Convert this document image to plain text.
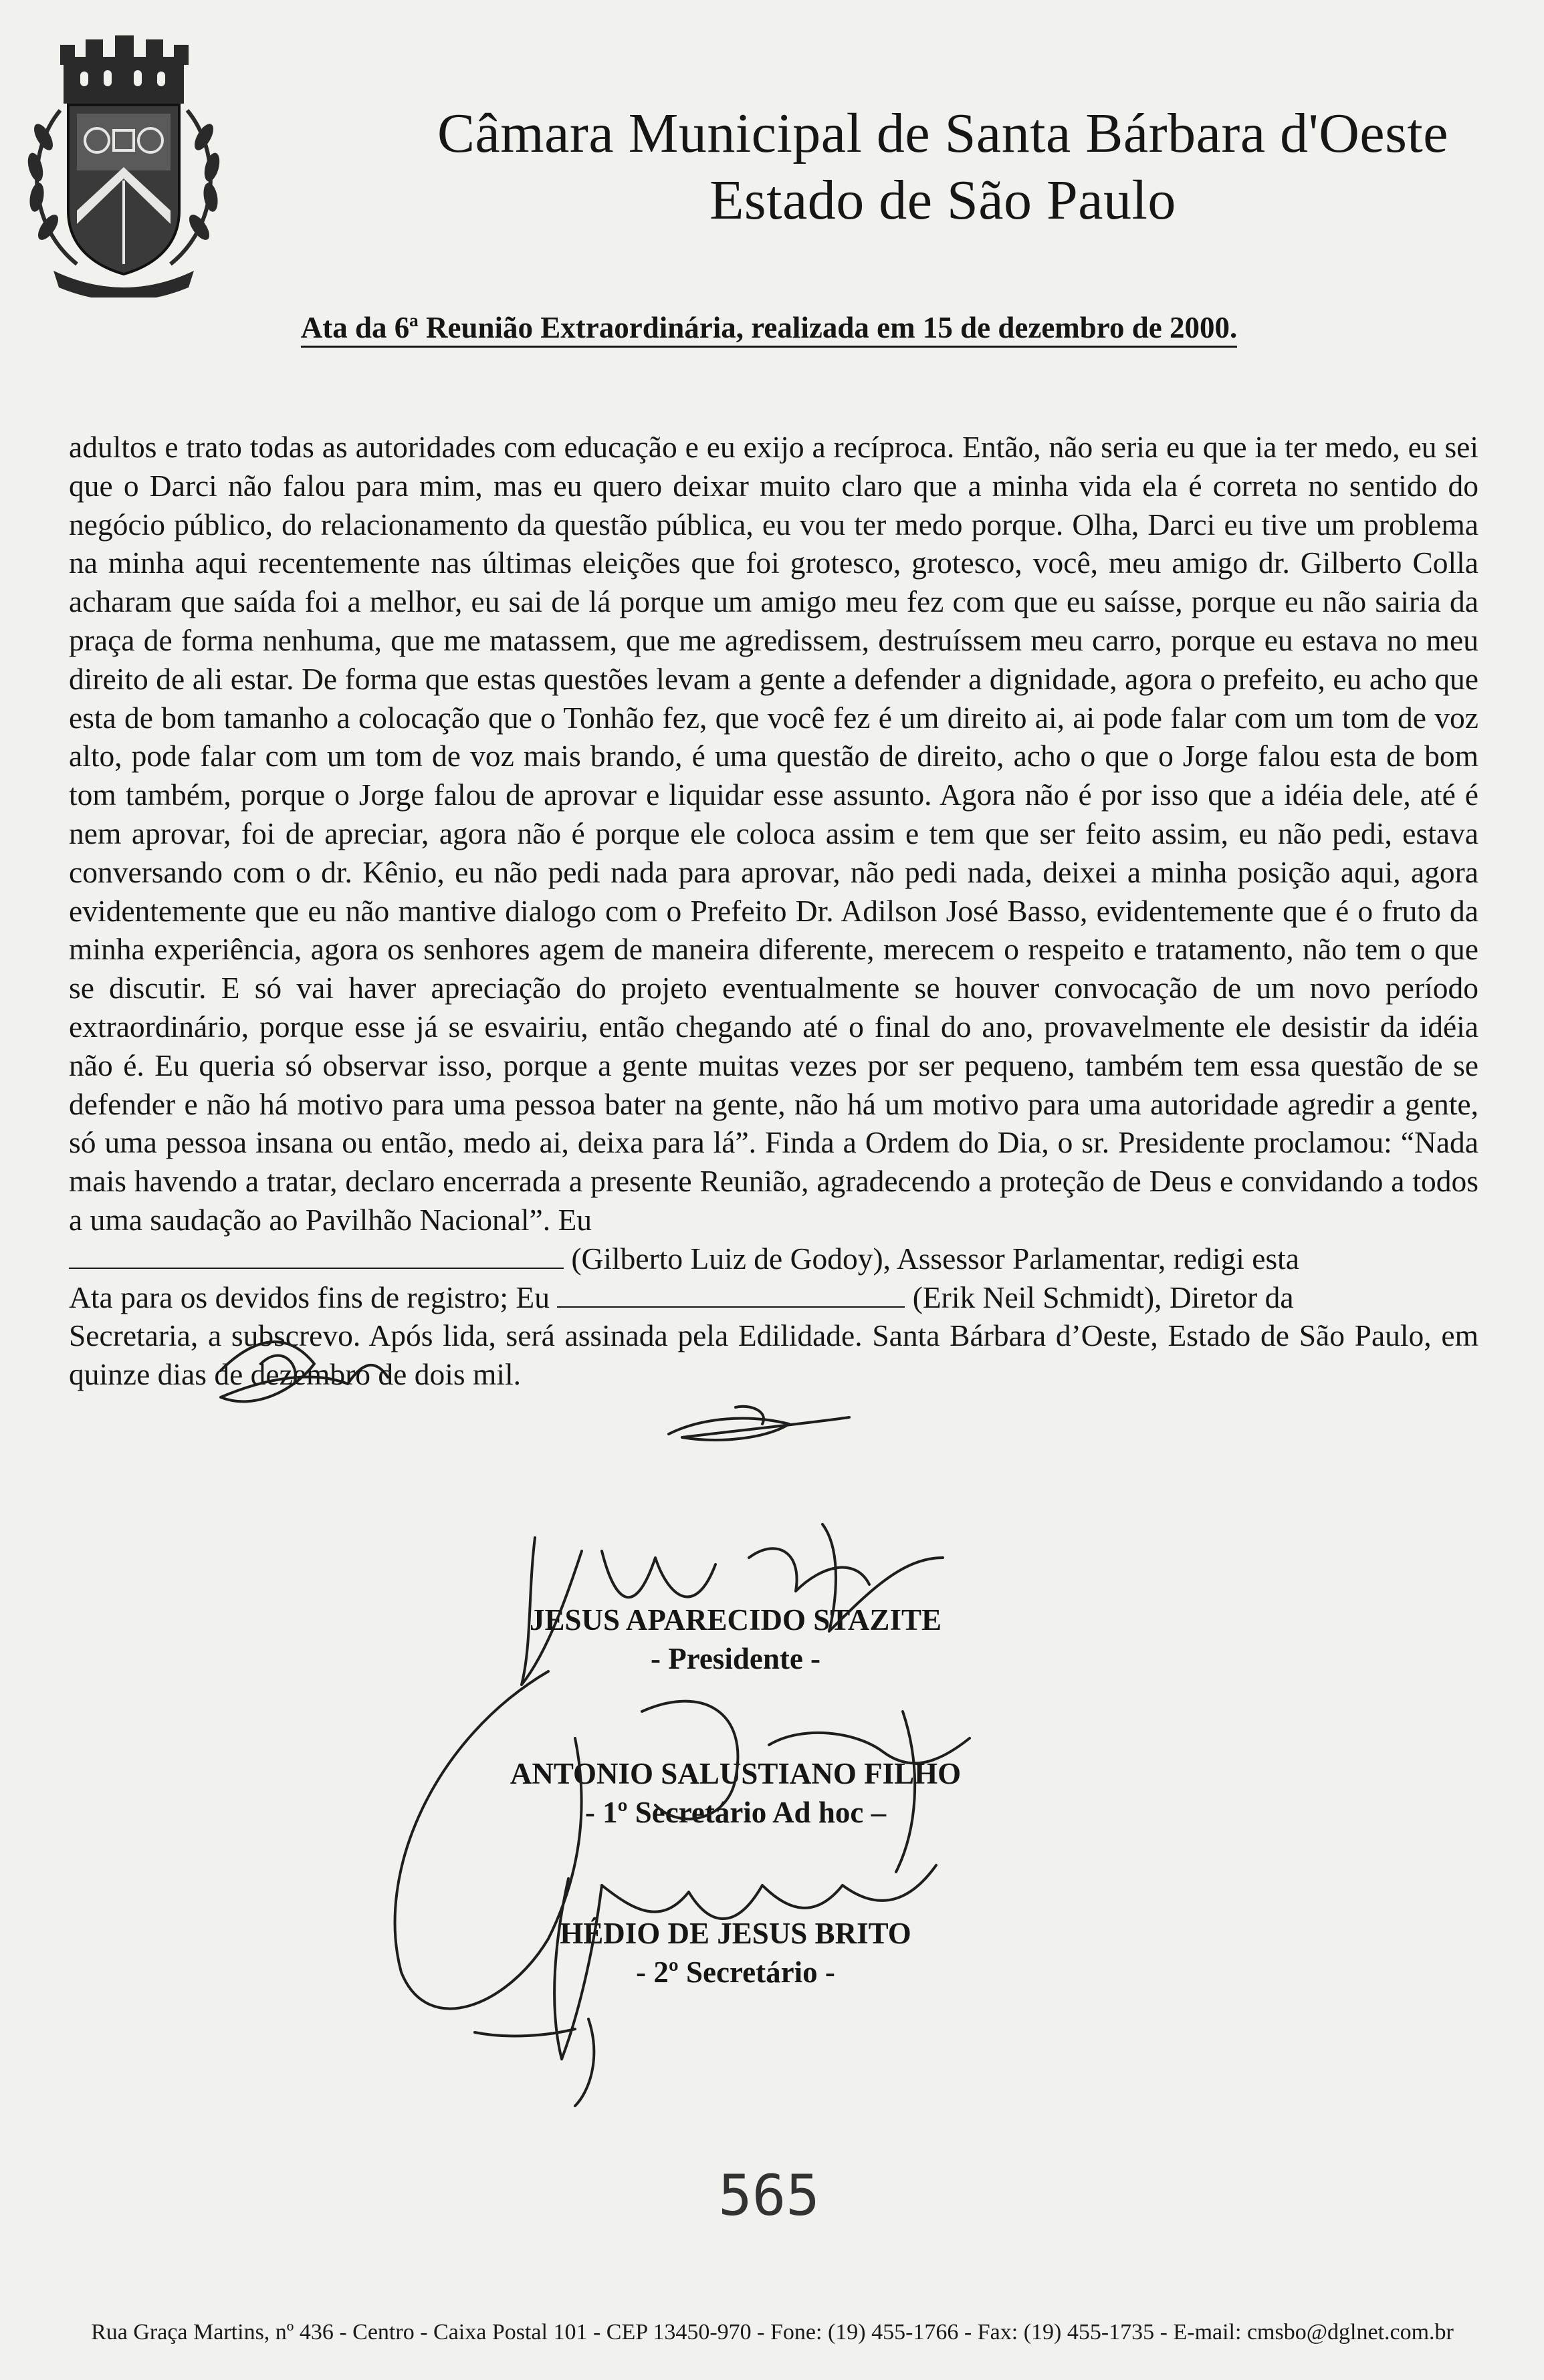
Câmara Municipal de Santa Bárbara d'Oeste
Estado de São Paulo
Ata da 6ª Reunião Extraordinária, realizada em 15 de dezembro de 2000.

adultos e trato todas as autoridades com educação e eu exijo a recíproca. Então, não seria eu que ia ter medo, eu sei que o Darci não falou para mim, mas eu quero deixar muito claro que a minha vida ela é correta no sentido do negócio público, do relacionamento da questão pública, eu vou ter medo porque. Olha, Darci eu tive um problema na minha aqui recentemente nas últimas eleições que foi grotesco, grotesco, você, meu amigo dr. Gilberto Colla acharam que saída foi a melhor, eu sai de lá porque um amigo meu fez com que eu saísse, porque eu não sairia da praça de forma nenhuma, que me matassem, que me agredissem, destruíssem meu carro, porque eu estava no meu direito de ali estar. De forma que estas questões levam a gente a defender a dignidade, agora o prefeito, eu acho que esta de bom tamanho a colocação que o Tonhão fez, que você fez é um direito ai, ai pode falar com um tom de voz alto, pode falar com um tom de voz mais brando, é uma questão de direito, acho o que o Jorge falou esta de bom tom também, porque o Jorge falou de aprovar e liquidar esse assunto. Agora não é por isso que a idéia dele, até é nem aprovar, foi de apreciar, agora não é porque ele coloca assim e tem que ser feito assim, eu não pedi, estava conversando com o dr. Kênio, eu não pedi nada para aprovar, não pedi nada, deixei a minha posição aqui, agora evidentemente que eu não mantive dialogo com o Prefeito Dr. Adilson José Basso, evidentemente que é o fruto da minha experiência, agora os senhores agem de maneira diferente, merecem o respeito e tratamento, não tem o que se discutir. E só vai haver apreciação do projeto eventualmente se houver convocação de um novo período extraordinário, porque esse já se esvairiu, então chegando até o final do ano, provavelmente ele desistir da idéia não é. Eu queria só observar isso, porque a gente muitas vezes por ser pequeno, também tem essa questão de se defender e não há motivo para uma pessoa bater na gente, não há um motivo para uma autoridade agredir a gente, só uma pessoa insana ou então, medo ai, deixa para lá”. Finda a Ordem do Dia, o sr. Presidente proclamou: “Nada mais havendo a tratar, declaro encerrada a presente Reunião, agradecendo a proteção de Deus e convidando a todos a uma saudação ao Pavilhão Nacional”. Eu

(Gilberto Luiz de Godoy), Assessor Parlamentar, redigi esta

Ata para os devidos fins de registro; Eu	(Erik Neil Schmidt), Diretor da

Secretaria, a subscrevo. Após lida, será assinada pela Edilidade. Santa Bárbara d’Oeste, Estado de São Paulo, em quinze dias de dezembro de dois mil.

JESUS APARECIDO STAZITE
- Presidente -
ANTONIO SALUSTIANO FILHO
- 1º Secretário Ad hoc –
HÉDIO DE JESUS BRITO
- 2º Secretário -
565
Rua Graça Martins, nº 436 - Centro - Caixa Postal 101 - CEP 13450-970 - Fone: (19) 455-1766 - Fax: (19) 455-1735 - E-mail: cmsbo@dglnet.com.br
